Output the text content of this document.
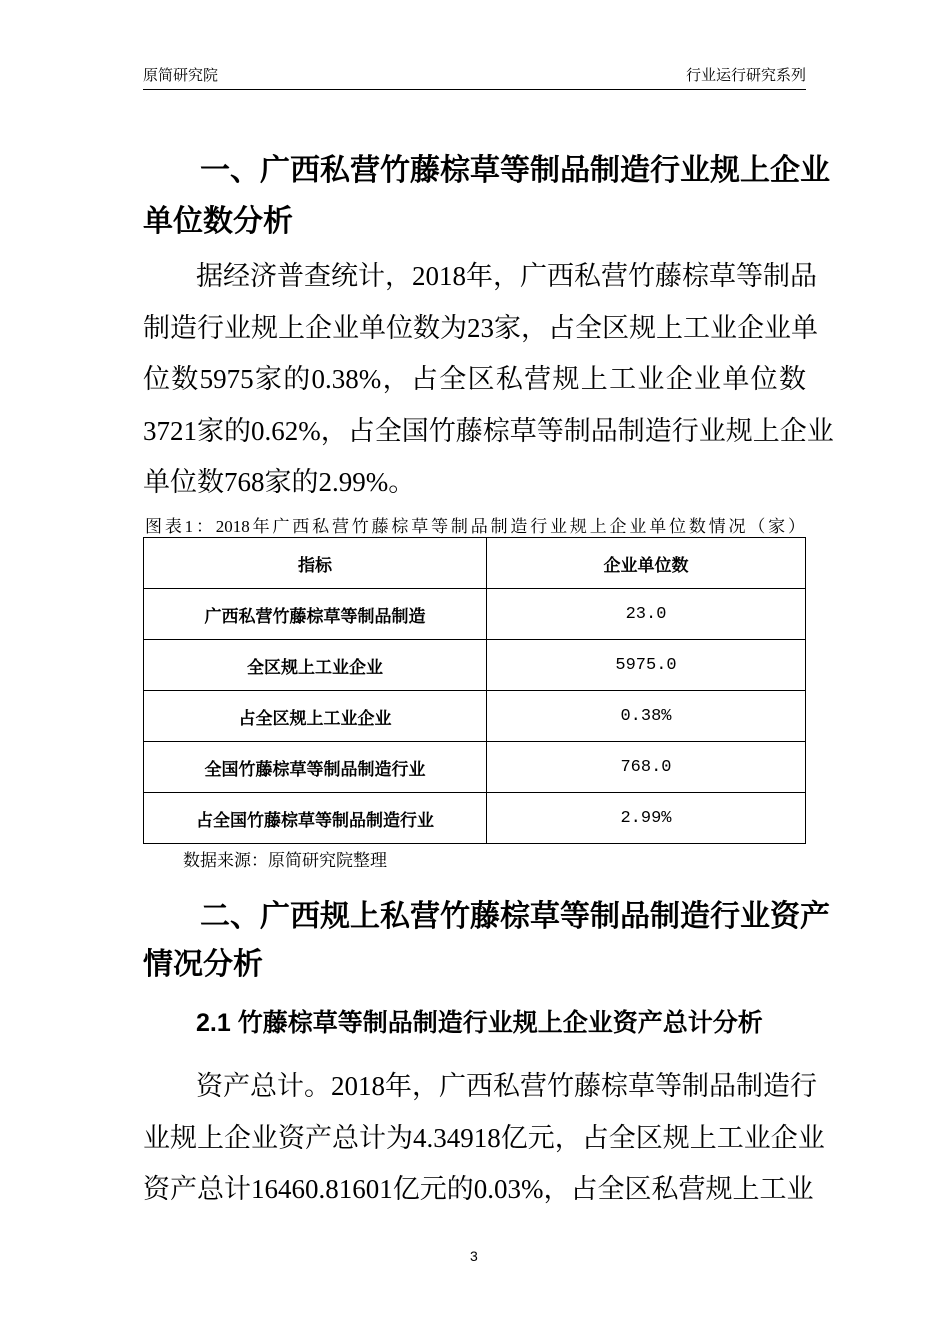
原简研究院	行业运行研究系列
一、广西私营竹藤棕草等制品制造行业规上企业
单位数分析
据经济普查统计，2018年，广西私营竹藤棕草等制品
制造行业规上企业单位数为23家，占全区规上工业企业单
位数5975家的0.38%，占全区私营规上工业企业单位数
3721家的0.62%，占全国竹藤棕草等制品制造行业规上企业
单位数768家的2.99%。
图表1：2018年广西私营竹藤棕草等制品制造行业规上企业单位数情况（家）
指标	企业单位数
广西私营竹藤棕草等制品制造	23.0
全区规上工业企业	5975.0
占全区规上工业企业	0.38%
全国竹藤棕草等制品制造行业	768.0
占全国竹藤棕草等制品制造行业	2.99%
数据来源：原简研究院整理
二、广西规上私营竹藤棕草等制品制造行业资产
情况分析
2.1 竹藤棕草等制品制造行业规上企业资产总计分析
资产总计。2018年，广西私营竹藤棕草等制品制造行
业规上企业资产总计为4.34918亿元，占全区规上工业企业
资产总计16460.81601亿元的0.03%，占全区私营规上工业
3
